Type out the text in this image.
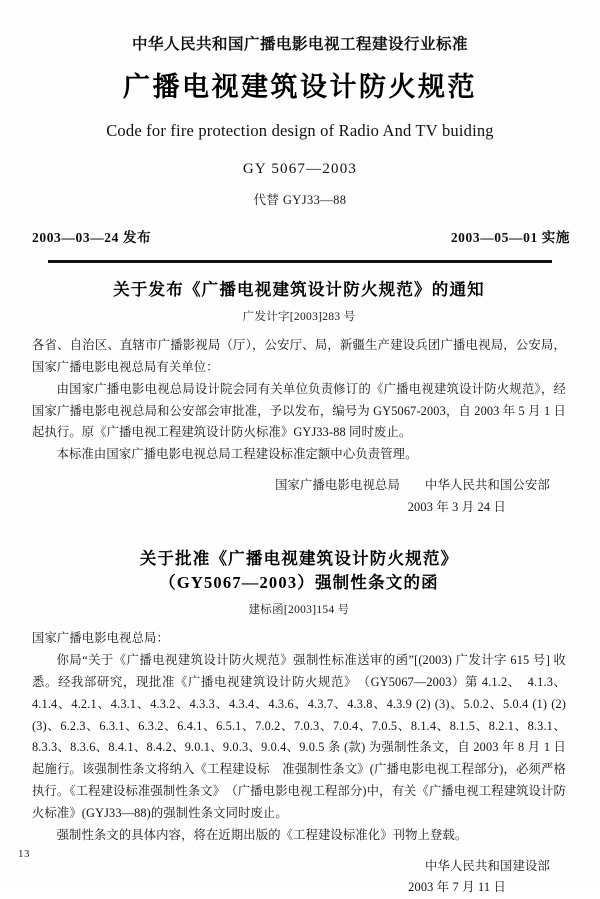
中华人民共和国广播电影电视工程建设行业标准
广播电视建筑设计防火规范
Code for fire protection design of Radio And TV buiding
GY 5067—2003
代替 GYJ33—88
2003—03—24 发布	2003—05—01 实施
关于发布《广播电视建筑设计防火规范》的通知
广发计字[2003]283 号

各省、自治区、直辖市广播影视局（厅），公安厅、局，新疆生产建设兵团广播电视局，公安局，国家广播电影电视总局有关单位：

由国家广播电影电视总局设计院会同有关单位负责修订的《广播电视建筑设计防火规范》，经国家广播电影电视总局和公安部会审批准，予以发布，编号为 GY5067-2003，自 2003 年 5 月 1 日起执行。原《广播电视工程建筑设计防火标准》GYJ33-88 同时废止。

本标准由国家广播电影电视总局工程建设标准定额中心负责管理。

国家广播电影电视总局　　中华人民共和国公安部
2003 年 3 月 24 日
关于批准《广播电视建筑设计防火规范》
（GY5067—2003）强制性条文的函
建标函[2003]154 号

国家广播电影电视总局：

你局“关于《广播电视建筑设计防火规范》强制性标准送审的函”[(2003) 广发计字 615 号] 收悉。经我部研究，现批准《广播电视建筑设计防火规范》　（GY5067—2003）第 4.1.2、　4.1.3、4.1.4、4.2.1、4.3.1、4.3.2、4.3.3、4.3.4、4.3.6、4.3.7、4.3.8、4.3.9 (2) (3)、5.0.2、5.0.4 (1) (2)(3)、6.2.3、6.3.1、6.3.2、6.4.1、6.5.1、7.0.2、7.0.3、7.0.4、7.0.5、8.1.4、8.1.5、8.2.1、8.3.1、8.3.3、8.3.6、8.4.1、8.4.2、9.0.1、9.0.3、9.0.4、9.0.5 条 (款) 为强制性条文，自 2003 年 8 月 1 日起施行。该强制性条文将纳入《工程建设标　准强制性条文》(广播电影电视工程部分)，必须严格执行。《工程建设标准强制性条文》　（广播电影电视工程部分)中，有关《广播电视工程建筑设计防火标准》(GYJ33—88)的强制性条文同时废止。

强制性条文的具体内容，将在近期出版的《工程建设标准化》刊物上登载。

中华人民共和国建设部
2003 年 7 月 11 日
13
